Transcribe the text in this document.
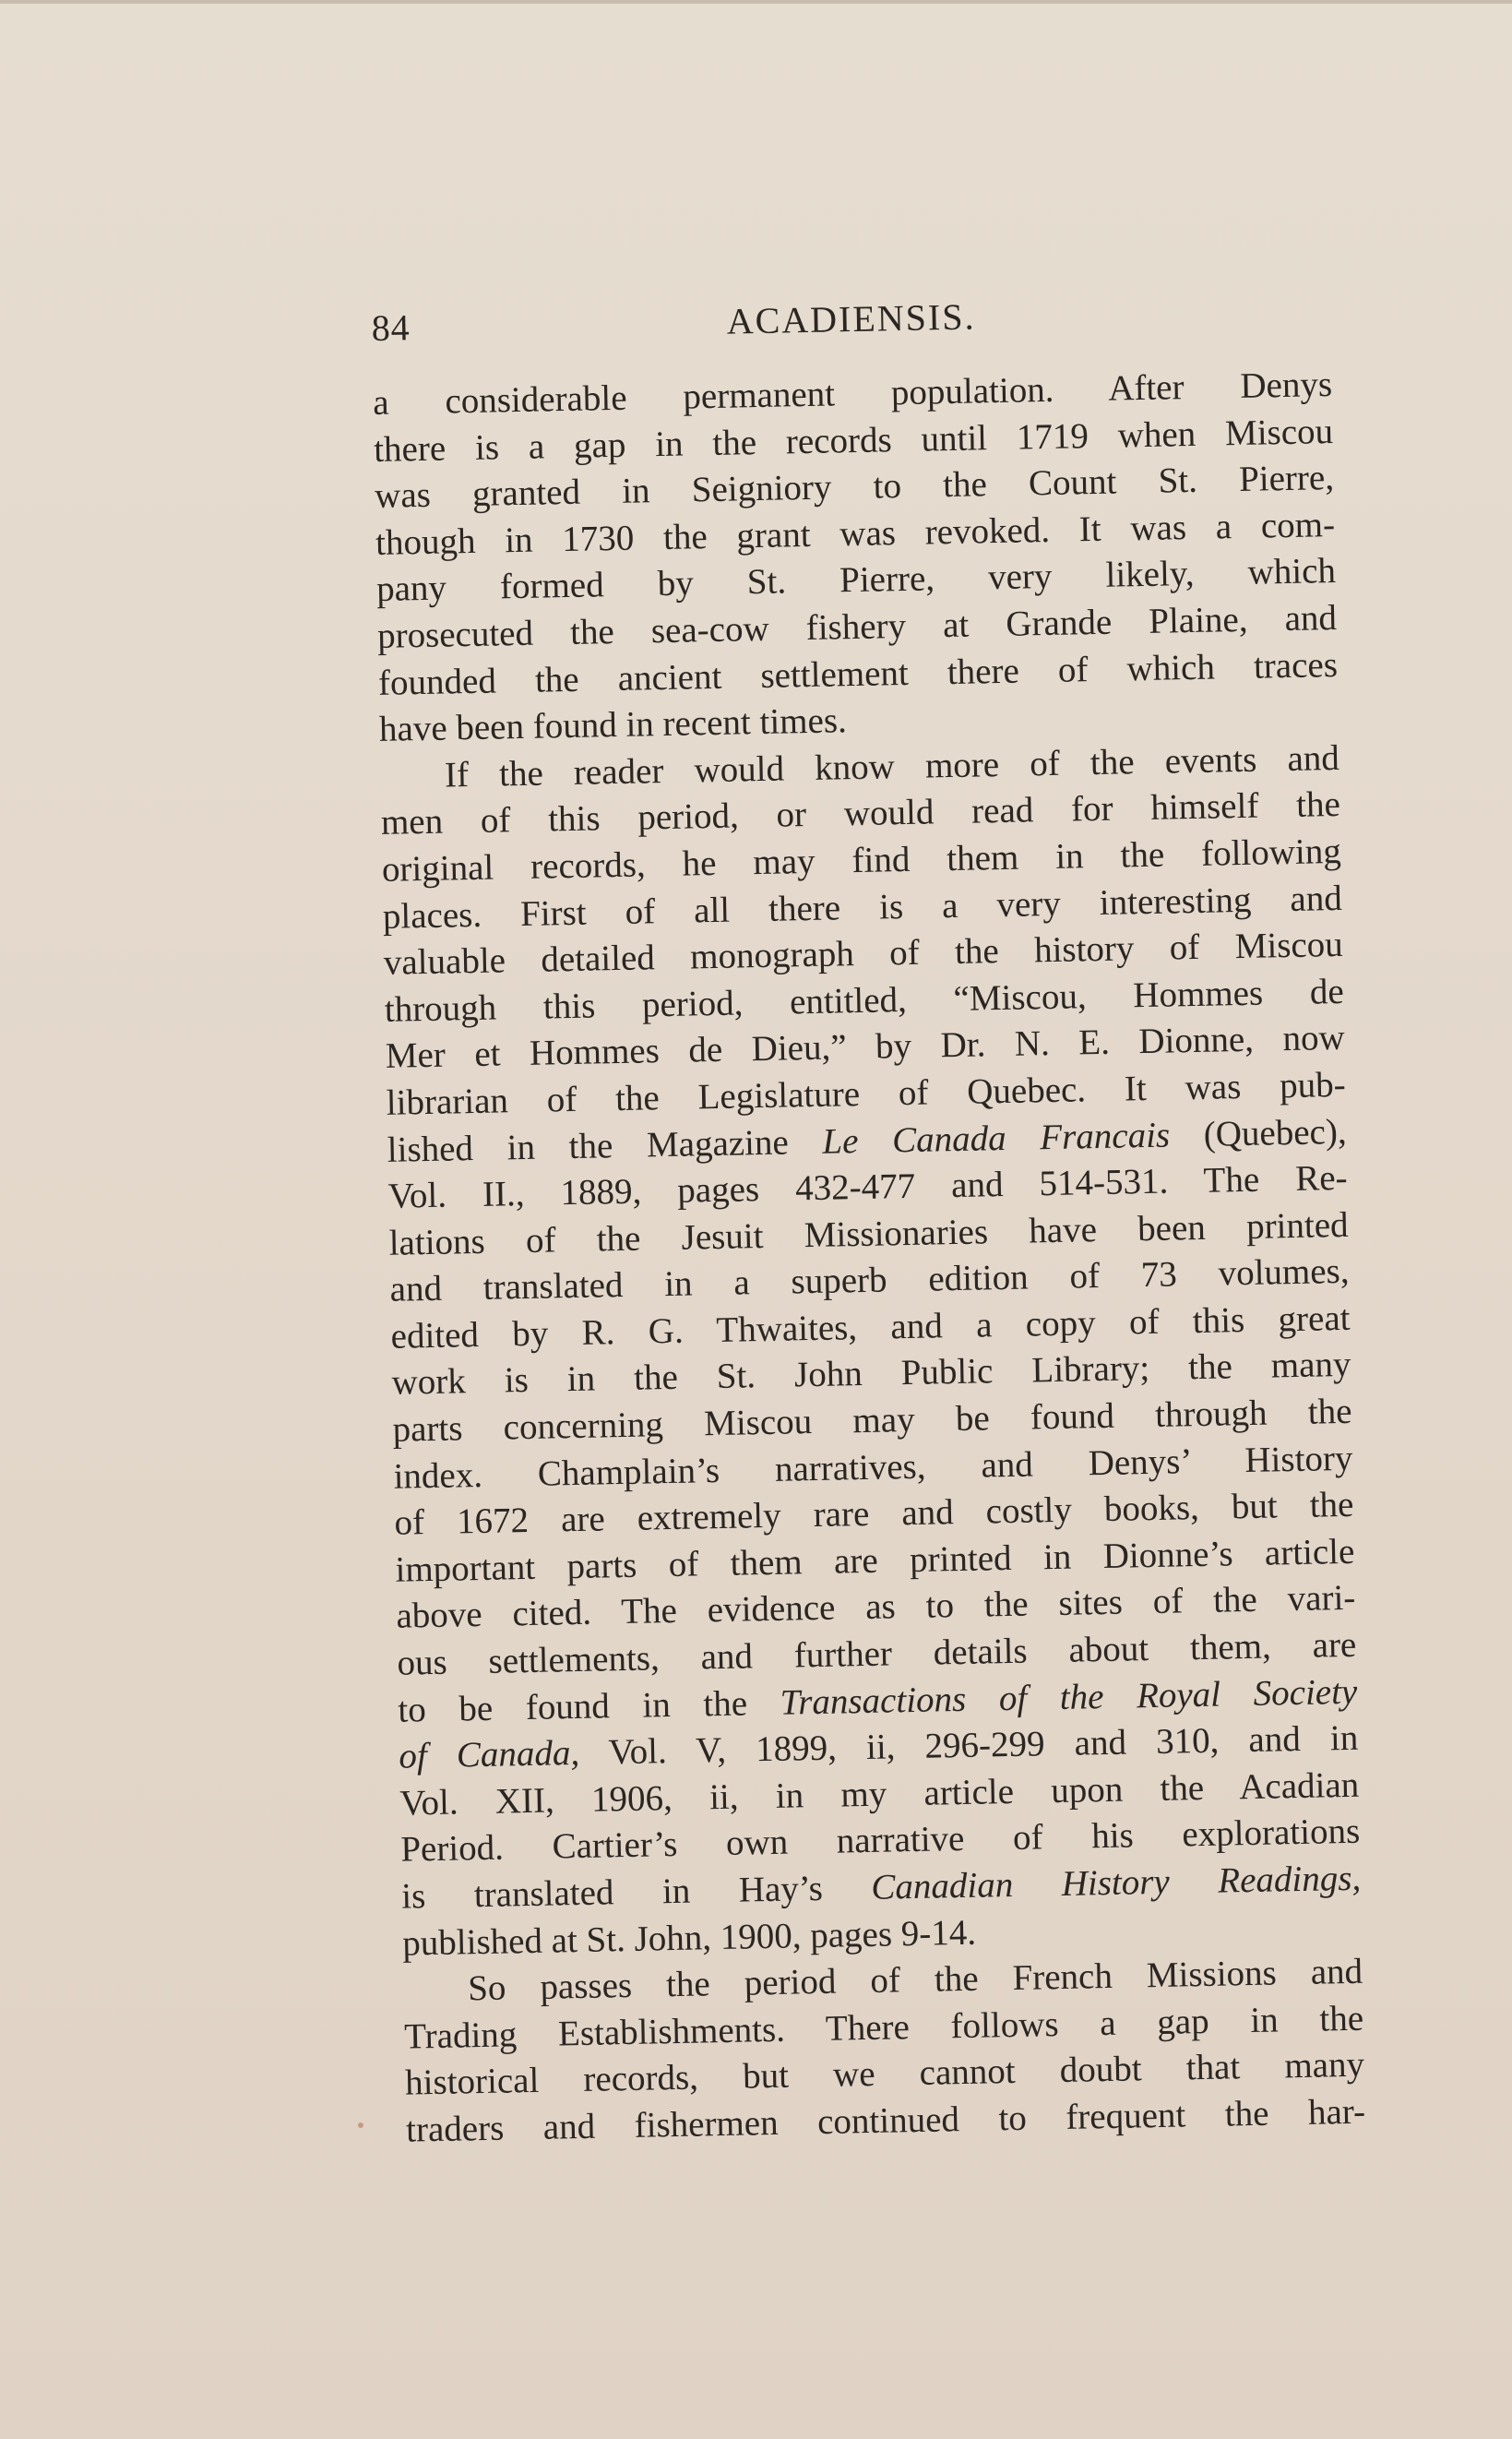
84	ACADIENSIS.
a considerable permanent population. After Denys
there is a gap in the records until 1719 when Miscou
was granted in Seigniory to the Count St. Pierre,
though in 1730 the grant was revoked. It was a com-
pany formed by St. Pierre, very likely, which
prosecuted the sea-cow fishery at Grande Plaine, and
founded the ancient settlement there of which traces
have been found in recent times.
If the reader would know more of the events and
men of this period, or would read for himself the
original records, he may find them in the following
places. First of all there is a very interesting and
valuable detailed monograph of the history of Miscou
through this period, entitled, “Miscou, Hommes de
Mer et Hommes de Dieu,” by Dr. N. E. Dionne, now
librarian of the Legislature of Quebec. It was pub-
lished in the Magazine Le Canada Francais (Quebec),
Vol. II., 1889, pages 432-477 and 514-531. The Re-
lations of the Jesuit Missionaries have been printed
and translated in a superb edition of 73 volumes,
edited by R. G. Thwaites, and a copy of this great
work is in the St. John Public Library; the many
parts concerning Miscou may be found through the
index. Champlain’s narratives, and Denys’ History
of 1672 are extremely rare and costly books, but the
important parts of them are printed in Dionne’s article
above cited. The evidence as to the sites of the vari-
ous settlements, and further details about them, are
to be found in the Transactions of the Royal Society
of Canada, Vol. V, 1899, ii, 296-299 and 310, and in
Vol. XII, 1906, ii, in my article upon the Acadian
Period. Cartier’s own narrative of his explorations
is translated in Hay’s Canadian History Readings,
published at St. John, 1900, pages 9-14.
So passes the period of the French Missions and
Trading Establishments. There follows a gap in the
historical records, but we cannot doubt that many
traders and fishermen continued to frequent the har-
